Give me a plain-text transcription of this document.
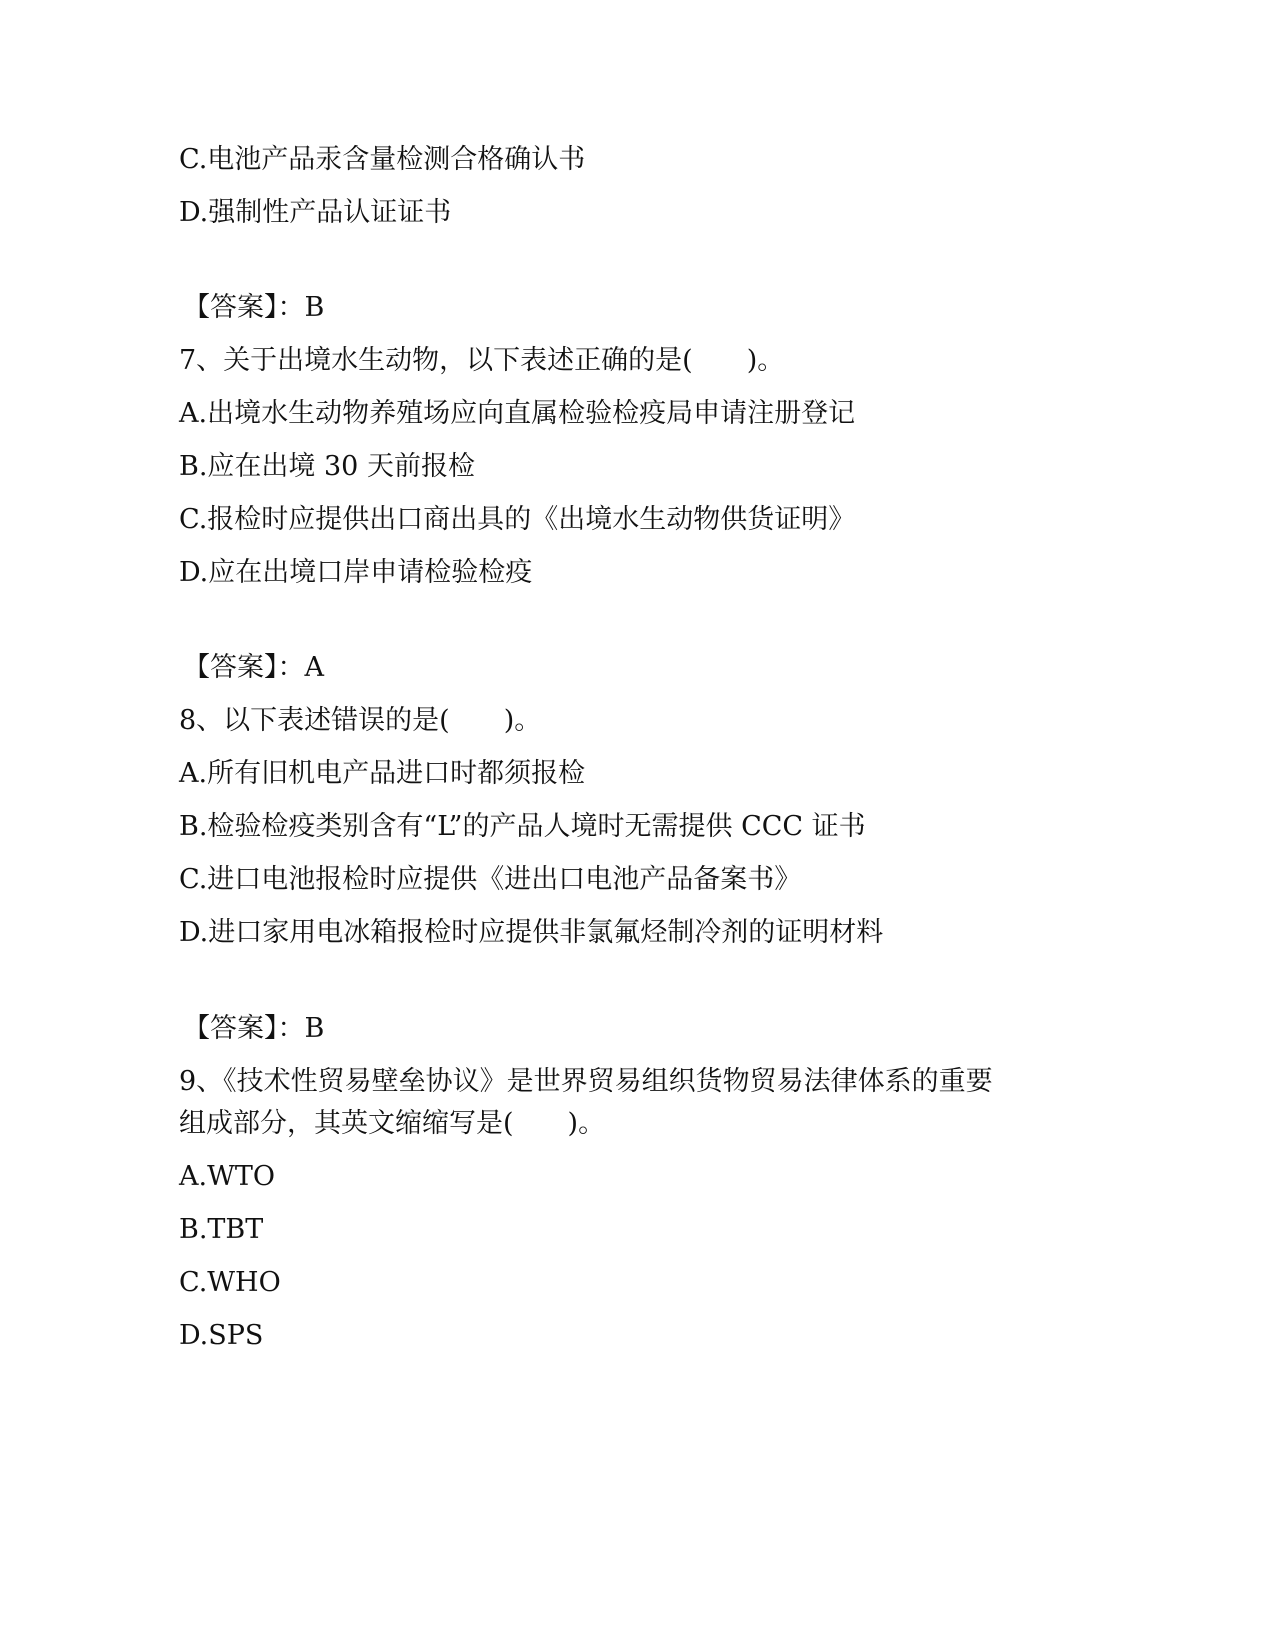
C.电池产品汞含量检测合格确认书
D.强制性产品认证证书
【答案】：B
7、关于出境水生动物，以下表述正确的是(　　)。
A.出境水生动物养殖场应向直属检验检疫局申请注册登记
B.应在出境 30 天前报检
C.报检时应提供出口商出具的《出境水生动物供货证明》
D.应在出境口岸申请检验检疫
【答案】：A
8、以下表述错误的是(　　)。
A.所有旧机电产品进口时都须报检
B.检验检疫类别含有“L”的产品人境时无需提供 CCC 证书
C.进口电池报检时应提供《进出口电池产品备案书》
D.进口家用电冰箱报检时应提供非氯氟烃制冷剂的证明材料
【答案】：B
9、《技术性贸易壁垒协议》是世界贸易组织货物贸易法律体系的重要
组成部分，其英文缩缩写是(　　)。
A.WTO
B.TBT
C.WHO
D.SPS
